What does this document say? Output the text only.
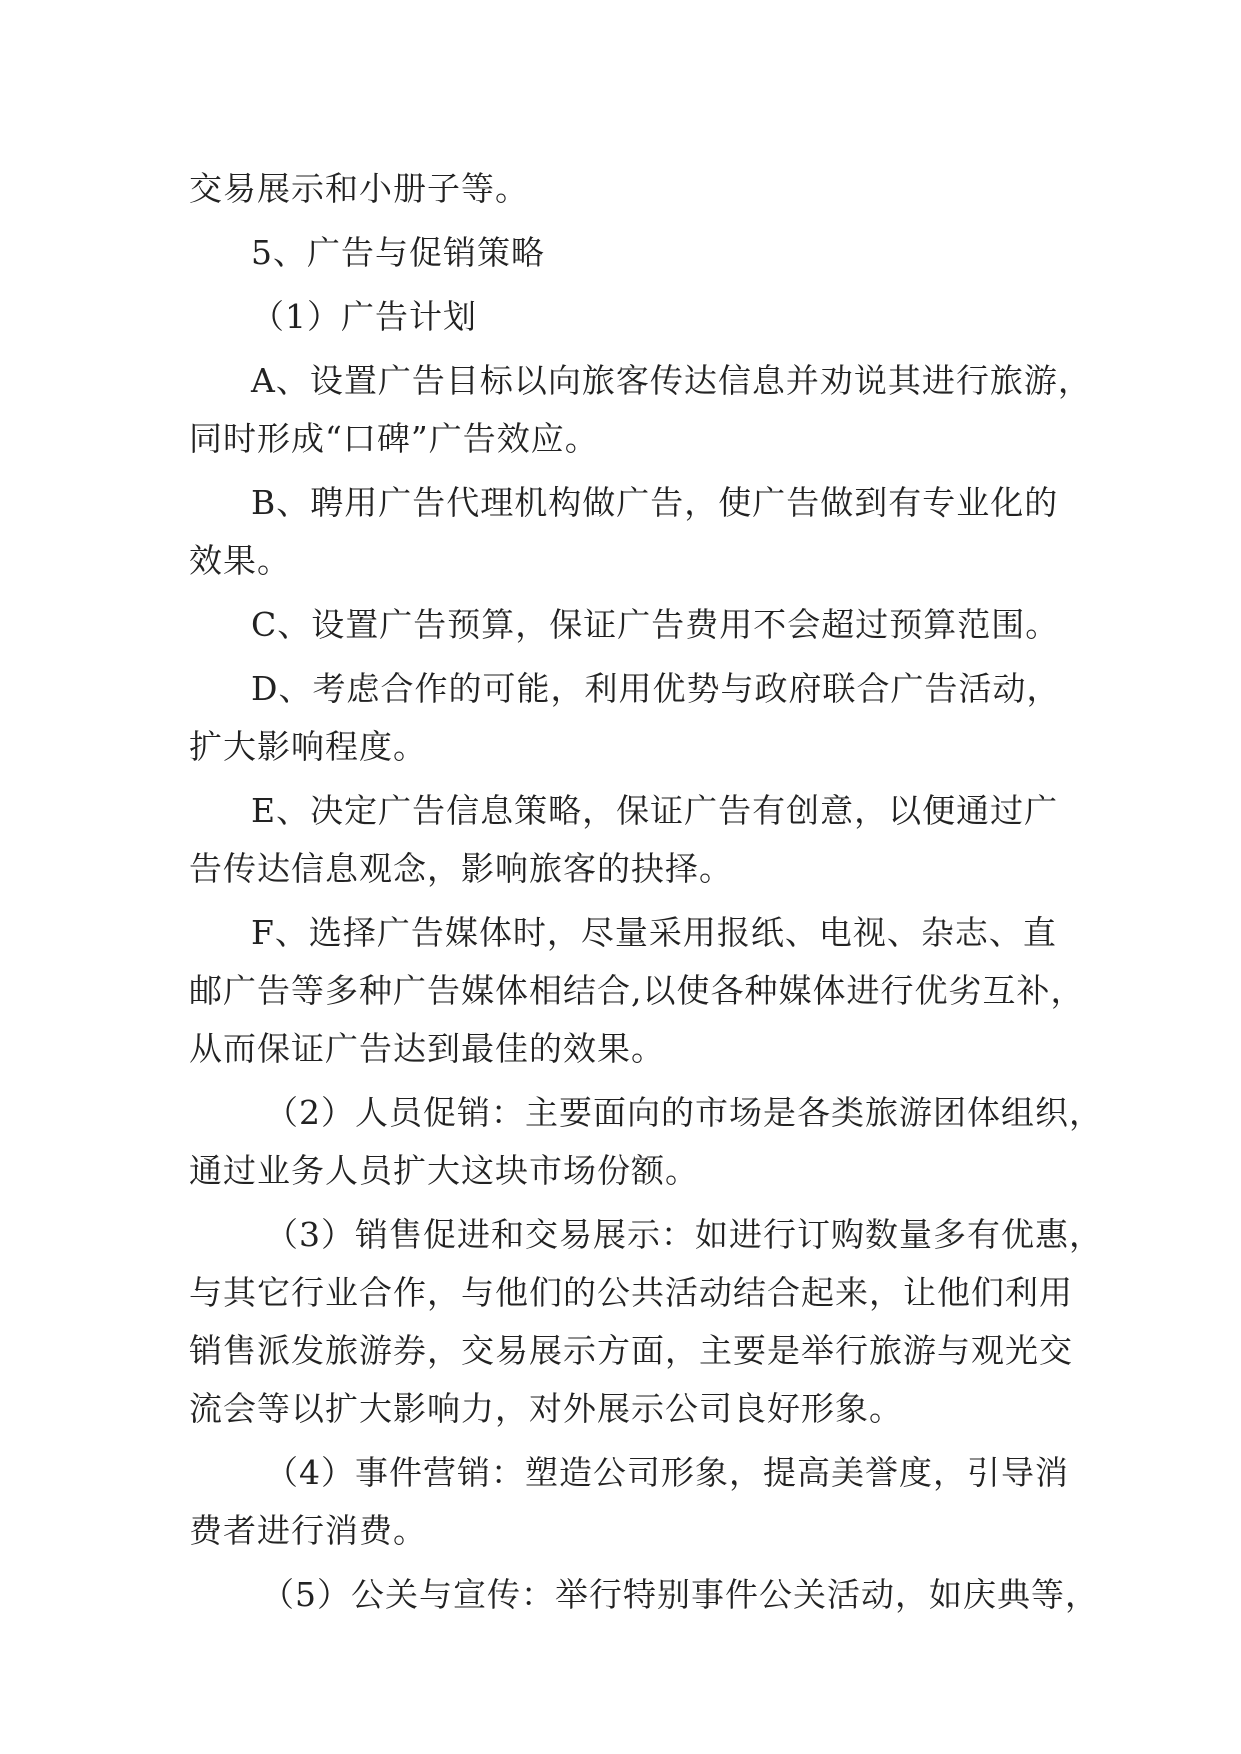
交易展示和小册子等。
5、广告与促销策略
（1）广告计划
A、设置广告目标以向旅客传达信息并劝说其进行旅游，
同时形成“口碑”广告效应。
B、聘用广告代理机构做广告，使广告做到有专业化的
效果。
C、设置广告预算，保证广告费用不会超过预算范围。
D、考虑合作的可能，利用优势与政府联合广告活动，
扩大影响程度。
E、决定广告信息策略，保证广告有创意，以便通过广
告传达信息观念，影响旅客的抉择。
F、选择广告媒体时，尽量采用报纸、电视、杂志、直
邮广告等多种广告媒体相结合,以使各种媒体进行优劣互补，
从而保证广告达到最佳的效果。
（2）人员促销：主要面向的市场是各类旅游团体组织，
通过业务人员扩大这块市场份额。
（3）销售促进和交易展示：如进行订购数量多有优惠，
与其它行业合作，与他们的公共活动结合起来，让他们利用
销售派发旅游券，交易展示方面，主要是举行旅游与观光交
流会等以扩大影响力，对外展示公司良好形象。
（4）事件营销：塑造公司形象，提高美誉度，引导消
费者进行消费。
（5）公关与宣传：举行特别事件公关活动，如庆典等，
